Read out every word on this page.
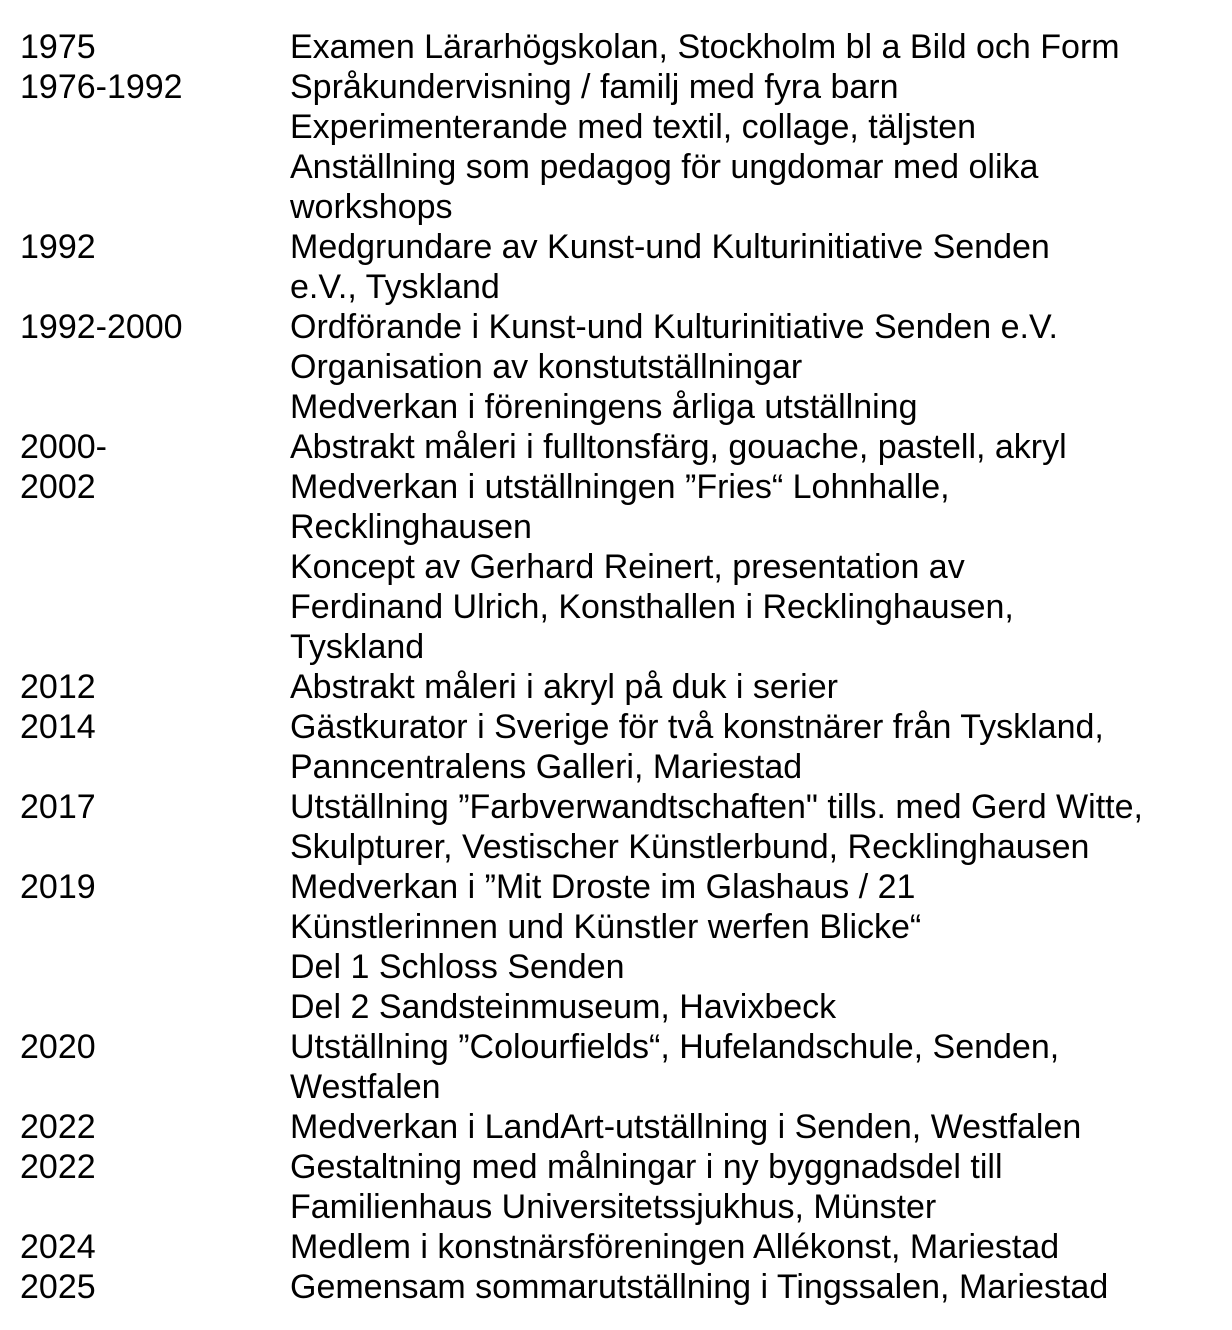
1975	Examen Lärarhögskolan, Stockholm bl a Bild och Form
1976-1992	Språkundervisning / familj med fyra barn
Experimenterande med textil, collage, täljsten
Anställning som pedagog för ungdomar med olika
workshops
1992	Medgrundare av Kunst-und Kulturinitiative Senden
e.V., Tyskland
1992-2000	Ordförande i Kunst-und Kulturinitiative Senden e.V.
Organisation av konstutställningar
Medverkan i föreningens årliga utställning
2000-	Abstrakt måleri i fulltonsfärg, gouache, pastell, akryl
2002	Medverkan i utställningen ”Fries“ Lohnhalle,
Recklinghausen
Koncept av Gerhard Reinert, presentation av
Ferdinand Ulrich, Konsthallen i Recklinghausen,
Tyskland
2012	Abstrakt måleri i akryl på duk i serier
2014	Gästkurator i Sverige för två konstnärer från Tyskland,
Panncentralens Galleri, Mariestad
2017	Utställning ”Farbverwandtschaften" tills. med Gerd Witte,
Skulpturer, Vestischer Künstlerbund, Recklinghausen
2019	Medverkan i ”Mit Droste im Glashaus / 21
Künstlerinnen und Künstler werfen Blicke“
Del 1 Schloss Senden
Del 2 Sandsteinmuseum, Havixbeck
2020	Utställning ”Colourfields“, Hufelandschule, Senden,
Westfalen
2022	Medverkan i LandArt-utställning i Senden, Westfalen
2022	Gestaltning med målningar i ny byggnadsdel till
Familienhaus Universitetssjukhus, Münster
2024	Medlem i konstnärsföreningen Allékonst, Mariestad
2025	Gemensam sommarutställning i Tingssalen, Mariestad
